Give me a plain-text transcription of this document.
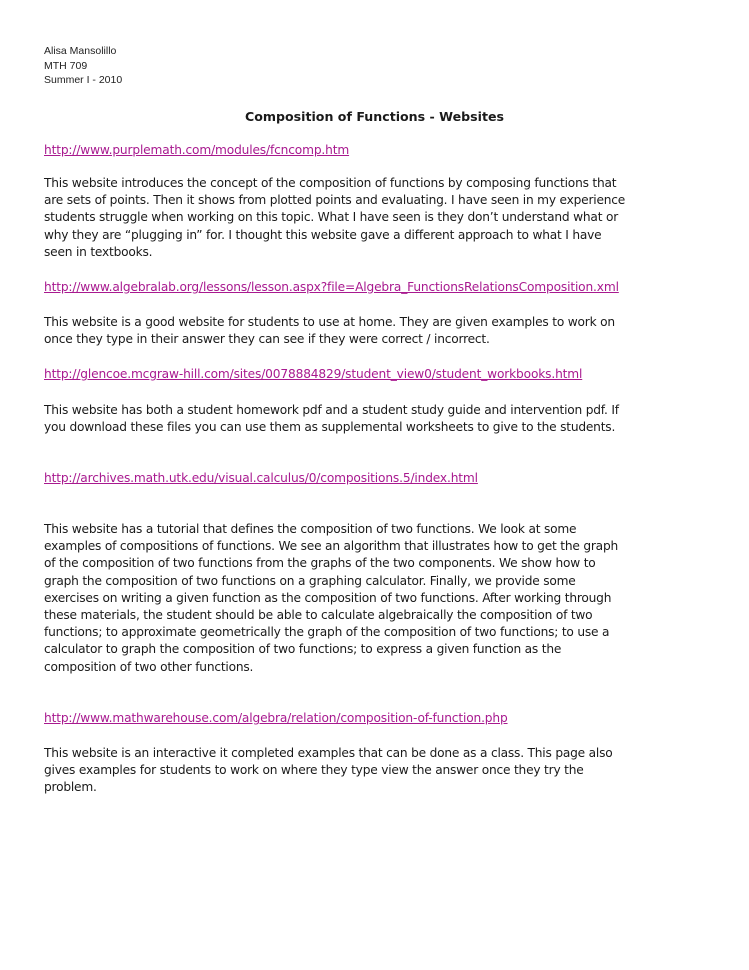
Alisa Mansolillo
MTH 709
Summer I - 2010
Composition of Functions - Websites
http://www.purplemath.com/modules/fcncomp.htm
This website introduces the concept of the composition of functions by composing functions that
are sets of points. Then it shows from plotted points and evaluating. I have seen in my experience
students struggle when working on this topic. What I have seen is they don’t understand what or
why they are “plugging in” for. I thought this website gave a different approach to what I have
seen in textbooks.
http://www.algebralab.org/lessons/lesson.aspx?file=Algebra_FunctionsRelationsComposition.xml
This website is a good website for students to use at home. They are given examples to work on
once they type in their answer they can see if they were correct / incorrect.
http://glencoe.mcgraw-hill.com/sites/0078884829/student_view0/student_workbooks.html
This website has both a student homework pdf and a student study guide and intervention pdf. If
you download these files you can use them as supplemental worksheets to give to the students.
http://archives.math.utk.edu/visual.calculus/0/compositions.5/index.html
This website has a tutorial that defines the composition of two functions. We look at some
examples of compositions of functions. We see an algorithm that illustrates how to get the graph
of the composition of two functions from the graphs of the two components. We show how to
graph the composition of two functions on a graphing calculator. Finally, we provide some
exercises on writing a given function as the composition of two functions. After working through
these materials, the student should be able to calculate algebraically the composition of two
functions; to approximate geometrically the graph of the composition of two functions; to use a
calculator to graph the composition of two functions; to express a given function as the
composition of two other functions.
http://www.mathwarehouse.com/algebra/relation/composition-of-function.php
This website is an interactive it completed examples that can be done as a class. This page also
gives examples for students to work on where they type view the answer once they try the
problem.
